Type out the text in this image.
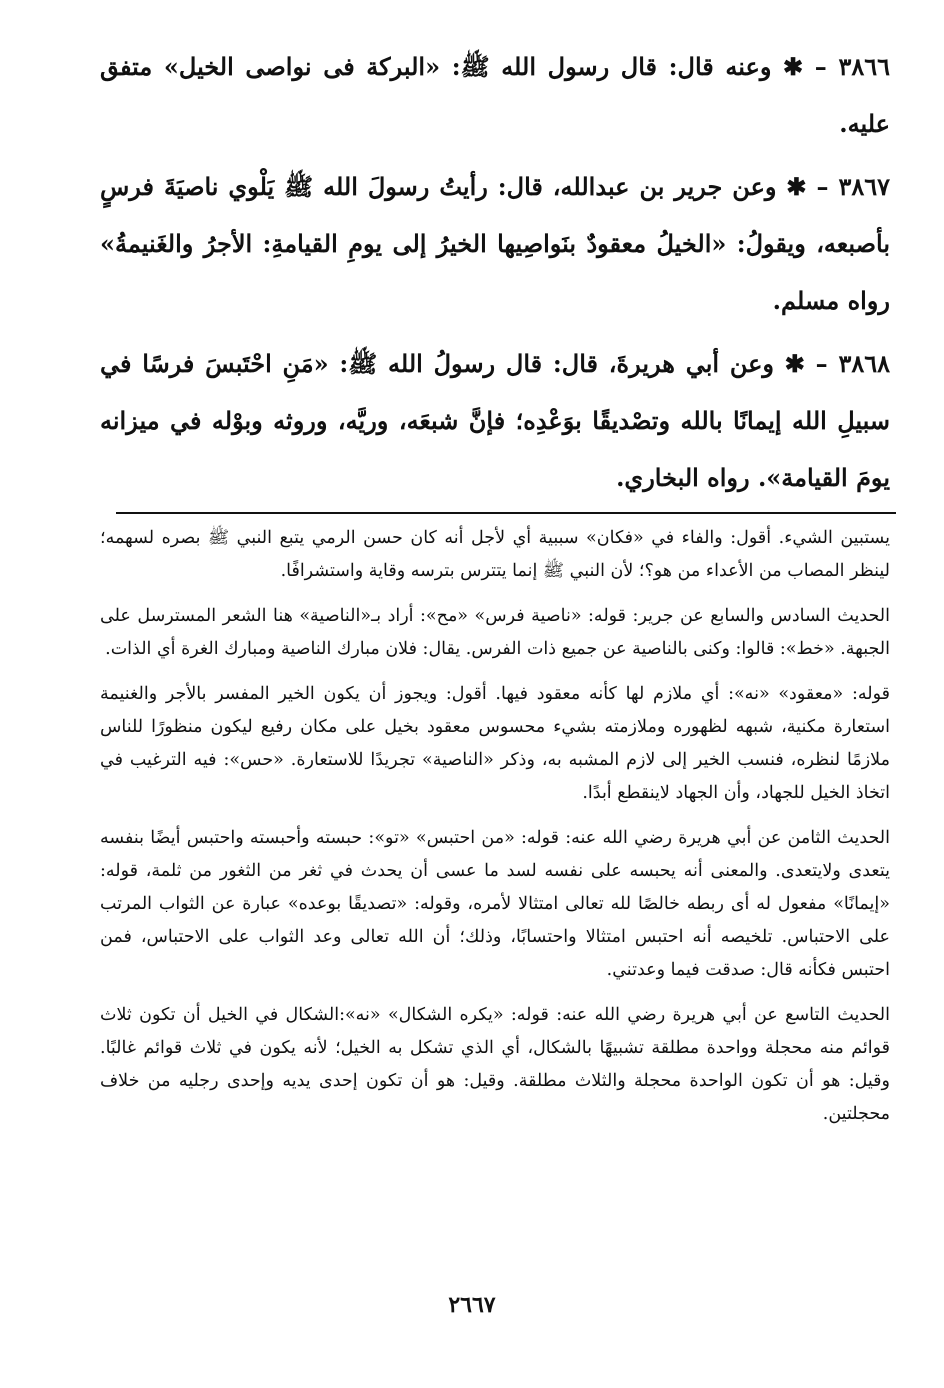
٣٨٦٦ – ✱ وعنه قال: قال رسول الله ﷺ: «البركة فى نواصى الخيل» متفق عليه.

٣٨٦٧ – ✱ وعن جرير بن عبدالله، قال: رأيتُ رسولَ الله ﷺ يَلْوي ناصيَةَ فرسٍ بأصبعه، ويقولُ: «الخيلُ معقودٌ بنَواصِيها الخيرُ إلى يومِ القيامةِ: الأجرُ والغَنيمةُ» رواه مسلم.

٣٨٦٨ – ✱ وعن أبي هريرةَ، قال: قال رسولُ الله ﷺ: «مَنِ احْتَبسَ فرسًا في سبيلِ الله إيمانًا بالله وتصْديقًا بوَعْدِه؛ فإنَّ شبعَه، وريَّه، وروثه وبوْله في ميزانه يومَ القيامة». رواه البخاري.

يستبين الشيء. أقول: والفاء في «فكان» سببية أي لأجل أنه كان حسن الرمي يتبع النبي ﷺ بصره لسهمه؛ لينظر المصاب من الأعداء من هو؟؛ لأن النبي ﷺ إنما يتترس بترسه وقاية واستشرافًا.

الحديث السادس والسابع عن جرير: قوله: «ناصية فرس» «مح»: أراد بـ«الناصية» هنا الشعر المسترسل على الجبهة. «خط»: قالوا: وكنى بالناصية عن جميع ذات الفرس. يقال: فلان مبارك الناصية ومبارك الغرة أي الذات.

قوله: «معقود» «نه»: أي ملازم لها كأنه معقود فيها. أقول: ويجوز أن يكون الخير المفسر بالأجر والغنيمة استعارة مكنية، شبهه لظهوره وملازمته بشيء محسوس معقود بخيل على مكان رفيع ليكون منظورًا للناس ملازمًا لنظره، فنسب الخير إلى لازم المشبه به، وذكر «الناصية» تجريدًا للاستعارة. «حس»: فيه الترغيب في اتخاذ الخيل للجهاد، وأن الجهاد لاينقطع أبدًا.

الحديث الثامن عن أبي هريرة رضي الله عنه: قوله: «من احتبس» «تو»: حبسته وأحبسته واحتبس أيضًا بنفسه يتعدى ولايتعدى. والمعنى أنه يحبسه على نفسه لسد ما عسى أن يحدث في ثغر من الثغور من ثلمة، قوله: «إيمانًا» مفعول له أى ربطه خالصًا لله تعالى امتثالا لأمره، وقوله: «تصديقًا بوعده» عبارة عن الثواب المرتب على الاحتباس. تلخيصه أنه احتبس امتثالا واحتسابًا، وذلك؛ أن الله تعالى وعد الثواب على الاحتباس، فمن احتبس فكأنه قال: صدقت فيما وعدتني.

الحديث التاسع عن أبي هريرة رضي الله عنه: قوله: «يكره الشكال» «نه»:الشكال في الخيل أن تكون ثلاث قوائم منه محجلة وواحدة مطلقة تشبيهًا بالشكال، أي الذي تشكل به الخيل؛ لأنه يكون في ثلاث قوائم غالبًا. وقيل: هو أن تكون الواحدة محجلة والثلاث مطلقة. وقيل: هو أن تكون إحدى يديه وإحدى رجليه من خلاف محجلتين.

٢٦٦٧
